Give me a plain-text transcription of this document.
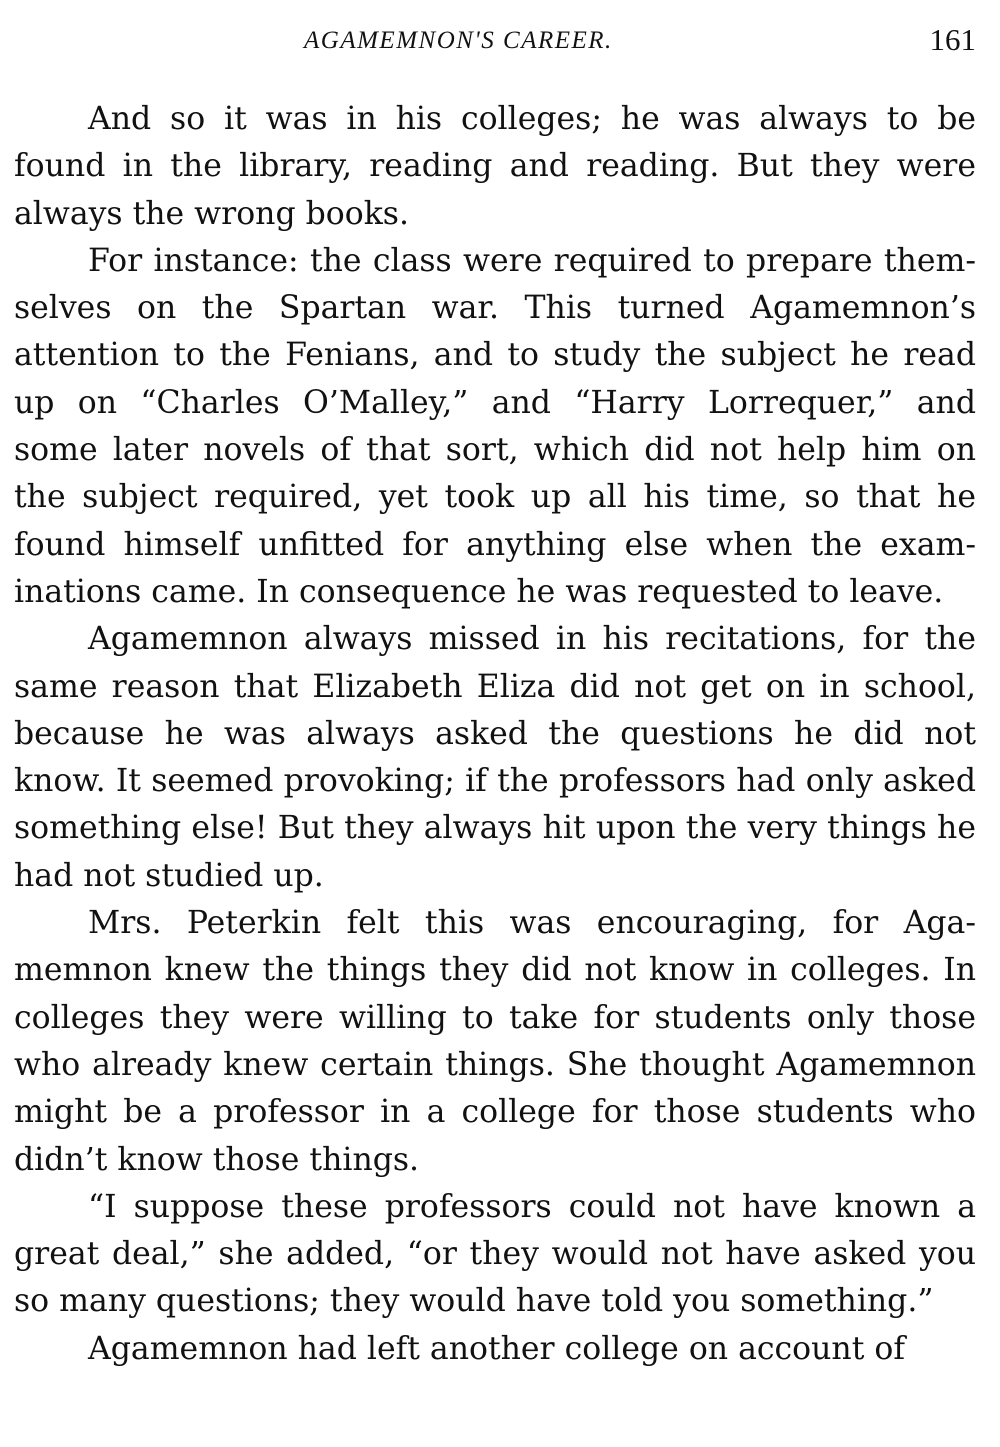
AGAMEMNON'S CAREER.	161

And so it was in his colleges; he was always to be found in the library, reading and reading. But they were always the wrong books.

For instance: the class were required to prepare themselves on the Spartan war. This turned Agamemnon’s attention to the Fenians, and to study the subject he read up on “Charles O’Malley,” and “Harry Lorrequer,” and some later novels of that sort, which did not help him on the subject required, yet took up all his time, so that he found himself unfitted for anything else when the examinations came. In consequence he was requested to leave.

Agamemnon always missed in his recitations, for the same reason that Elizabeth Eliza did not get on in school, because he was always asked the questions he did not know. It seemed provoking; if the professors had only asked something else! But they always hit upon the very things he had not studied up.

Mrs. Peterkin felt this was encouraging, for Agamemnon knew the things they did not know in colleges. In colleges they were willing to take for students only those who already knew certain things. She thought Agamemnon might be a professor in a college for those students who didn’t know those things.

“I suppose these professors could not have known a great deal,” she added, “or they would not have asked you so many questions; they would have told you something.”

Agamemnon had left another college on account of
